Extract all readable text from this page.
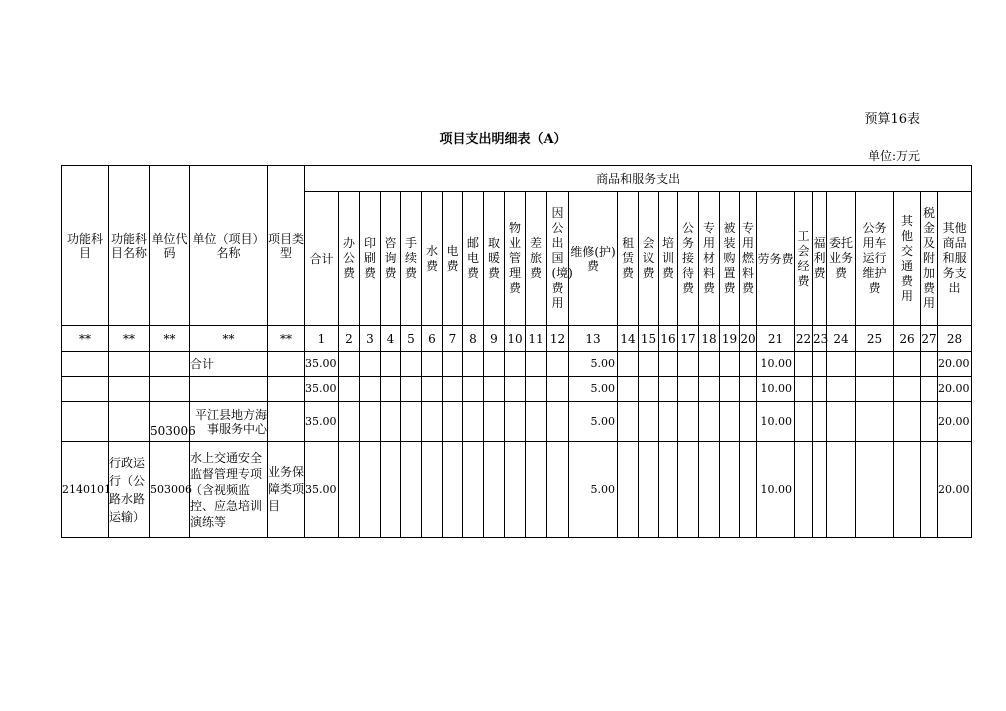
预算16表
项目支出明细表（A）
单位:万元
功能科目	功能科目名称	单位代码	单位（项目）名称	项目类型	商品和服务支出																											
					合计	办公费	印刷费	咨询费	手续费	水费	电费	邮电费	取暖费	物业管理费	差旅费	因公出国(境)费用	维修(护)费	租赁费	会议费	培训费	公务接待费	专用材料费	被装购置费	专用燃料费	劳务费	工会经费	福利费	委托业务费	公务用车运行维护费	其他交通费用	税金及附加费用	其他商品和服务支出
**	**	**	**	**	1	2	3	4	5	6	7	8	9	10	11	12	13	14	15	16	17	18	19	20	21	22	23	24	25	26	27	28
			合计		35.00												5.00								10.00							20.00
					35.00												5.00								10.00							20.00
		503006	平江县地方海事服务中心		35.00												5.00								10.00							20.00
2140101	行政运行（公路水路运输）	503006	水上交通安全监督管理专项（含视频监控、应急培训演练等	业务保障类项目	35.00												5.00								10.00							20.00
